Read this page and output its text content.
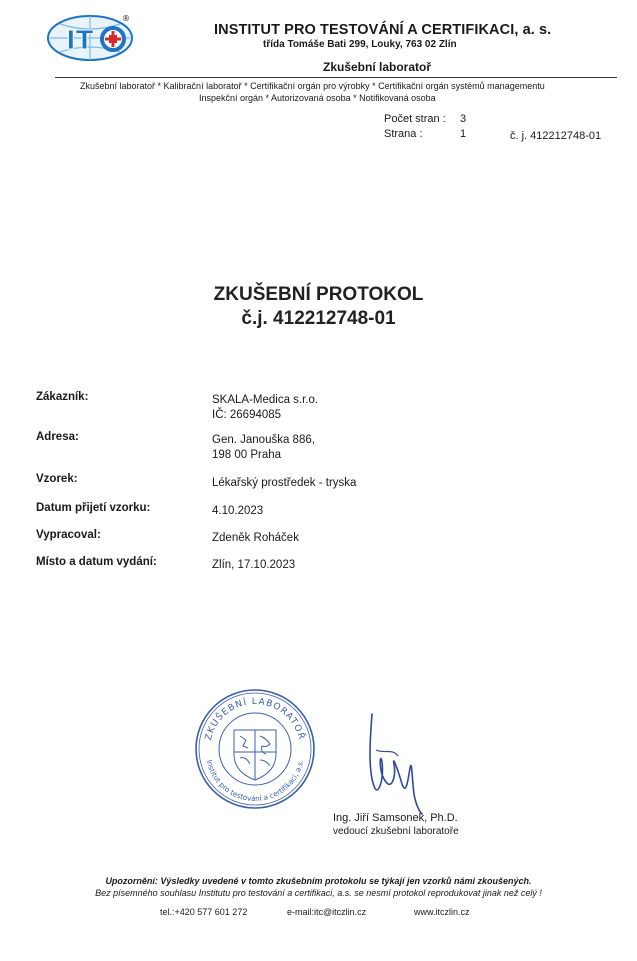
IT
®
INSTITUT PRO TESTOVÁNÍ A CERTIFIKACI, a. s.
třída Tomáše Bati 299, Louky, 763 02 Zlín
Zkušební laboratoř
Zkušební laboratoř * Kalibrační laboratoř * Certifikační orgán pro výrobky * Certifikační orgán systémů managementu
Inspekční orgán * Autorizovaná osoba * Notifikovaná osoba
Počet stran : 3
Strana :	1	č. j. 412212748-01
ZKUŠEBNÍ PROTOKOL
č.j. 412212748-01
Zákazník:	SKALA-Medica s.r.o.
IČ: 26694085
Adresa:	Gen. Janouška 886,
198 00 Praha
Vzorek:	Lékařský prostředek - tryska
Datum přijetí vzorku:	4.10.2023
Vypracoval:	Zdeněk Roháček
Místo a datum vydání:	Zlín, 17.10.2023
ZKUŠEBNÍ LABORATOŘ
Institut pro testování a certifikaci, a.s.
Ing. Jiří Samsonek, Ph.D.
vedoucí zkušební laboratoře
Upozornění: Výsledky uvedené v tomto zkušebním protokolu se týkají jen vzorků námi zkoušených.
Bez písemného souhlasu Institutu pro testování a certifikaci, a.s. se nesmí protokol reprodukovat jinak než celý !
tel.:+420 577 601 272	e-mail:itc@itczlin.cz	www.itczlin.cz
